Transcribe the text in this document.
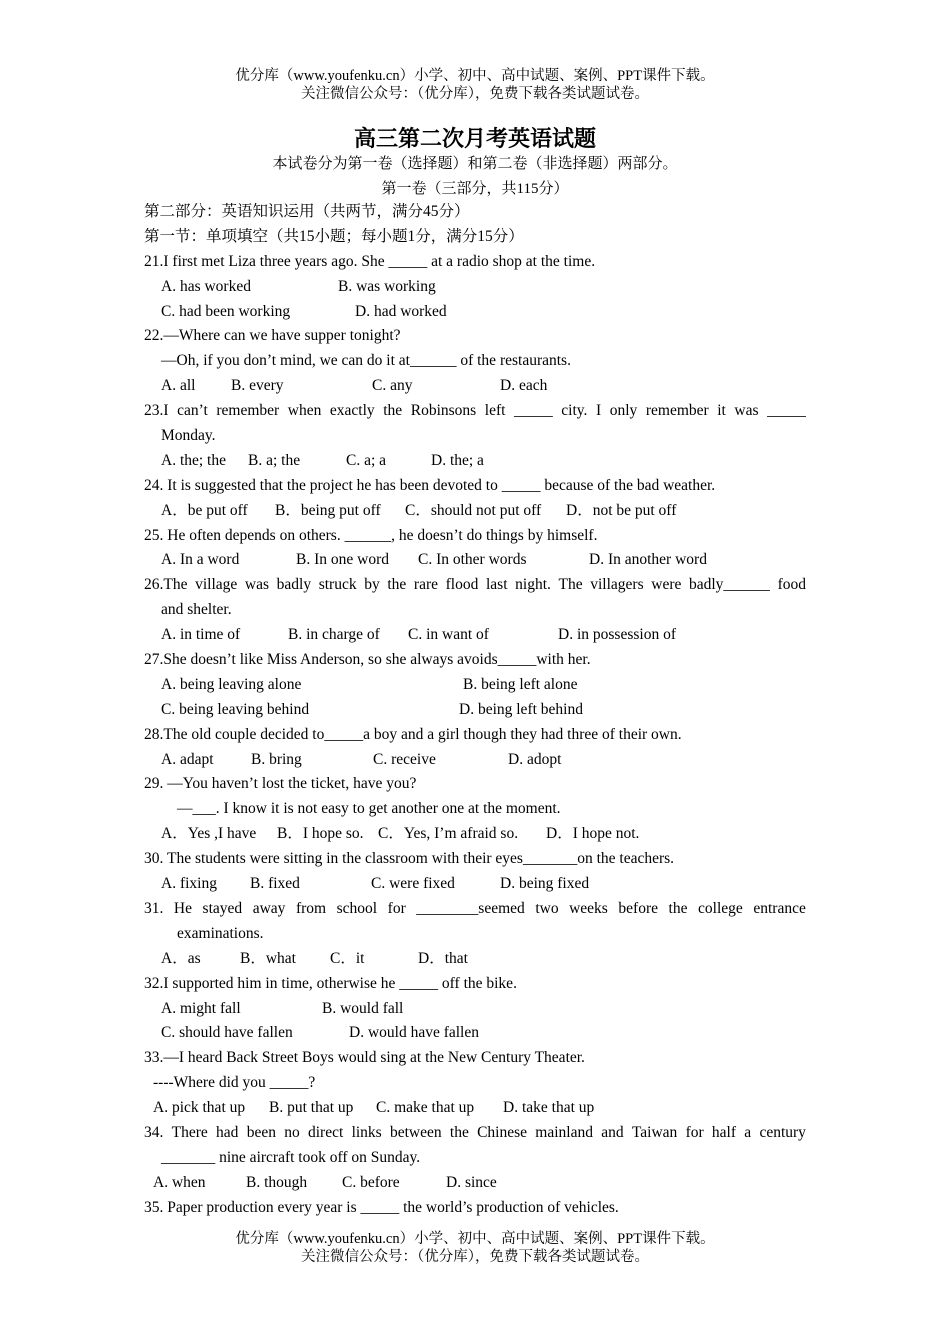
优分库（www.youfenku.cn）小学、初中、高中试题、案例、PPT课件下载。
关注微信公众号：（优分库），免费下载各类试题试卷。
高三第二次月考英语试题
本试卷分为第一卷（选择题）和第二卷（非选择题）两部分。
第一卷（三部分，共115分）
第二部分：英语知识运用（共两节，满分45分）
第一节：单项填空（共15小题；每小题1分，满分15分）
21.I first met Liza three years ago. She _____ at a radio shop at the time.

A. has worked

	B. was working

C. had been working

	D. had worked

22.—Where can we have supper tonight?
—Oh, if you don’t mind, we can do it at______ of the restaurants.

A. all

B. every

	C. any

	D. each

23.I can’t remember when exactly the Robinsons left _____ city. I only remember it was _____
Monday.

A. the; the

B. a; the

	C. a; a

	D. the; a

24. It is suggested that the project he has been devoted to _____ because of the bad weather.

A．be put off

B．being put off

C．should not put off

D．not be put off

25. He often depends on others. ______, he doesn’t do things by himself.

A. In a word

	B. In one word

C. In other words

	D. In another word

26.The village was badly struck by the rare flood last night. The villagers were badly______ food
and shelter.

A. in time of

	B. in charge of

C. in want of

	D. in possession of

27.She doesn’t like Miss Anderson, so she always avoids_____with her.

A. being leaving alone

	B. being left alone

C. being leaving behind

	D. being left behind

28.The old couple decided to_____a boy and a girl though they had three of their own.

A. adapt

B. bring

	C. receive

	D. adopt

29. —You haven’t lost the ticket, have you?
—___. I know it is not easy to get another one at the moment.

A．Yes ,I have

B．I hope so.

C．Yes, I’m afraid so.

D．I hope not.

30. The students were sitting in the classroom with their eyes_______on the teachers.

A. fixing

B. fixed

	C. were fixed

	D. being fixed

31. He stayed away from school for ________seemed two weeks before the college entrance
examinations.

A．as

	B．what

C．it

	D．that

32.I supported him in time, otherwise he _____ off the bike.

A. might fall

	B. would fall

C. should have fallen

	D. would have fallen

33.—I heard Back Street Boys would sing at the New Century Theater.
----Where did you _____?

A. pick that up

B. put that up

C. make that up

D. take that up

34. There had been no direct links between the Chinese mainland and Taiwan for half a century
_______ nine aircraft took off on Sunday.

A. when

	B. though

C. before

	D. since

35. Paper production every year is _____ the world’s production of vehicles.
优分库（www.youfenku.cn）小学、初中、高中试题、案例、PPT课件下载。
关注微信公众号：（优分库），免费下载各类试题试卷。
